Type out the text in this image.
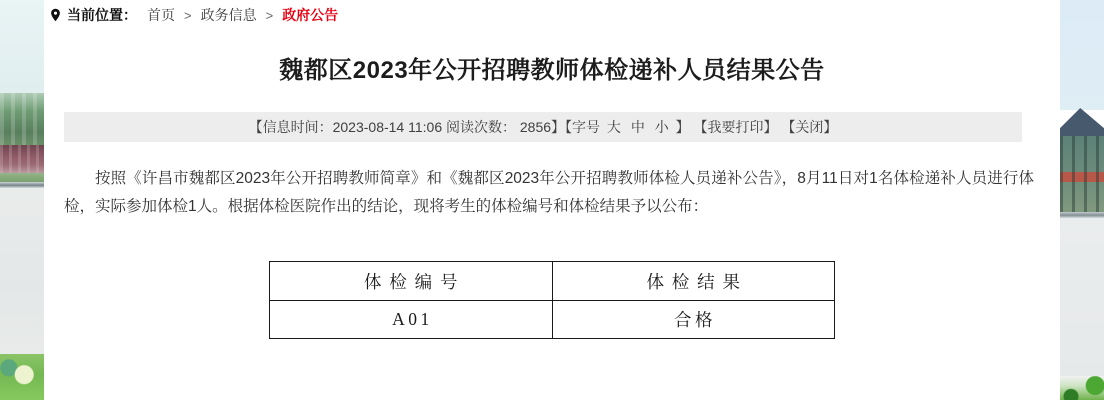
当前位置： 首页 > 政务信息 > 政府公告
魏都区2023年公开招聘教师体检递补人员结果公告
【信息时间：2023-08-14 11:06 阅读次数： 2856】【字号 大 中 小 】 【我要打印】 【关闭】

按照《许昌市魏都区2023年公开招聘教师简章》和《魏都区2023年公开招聘教师体检人员递补公告》，8月11日对1名体检递补人员进行体检，实际参加体检1人。根据体检医院作出的结论，现将考生的体检编号和体检结果予以公布：

体检编号	体检结果
A01	合格
